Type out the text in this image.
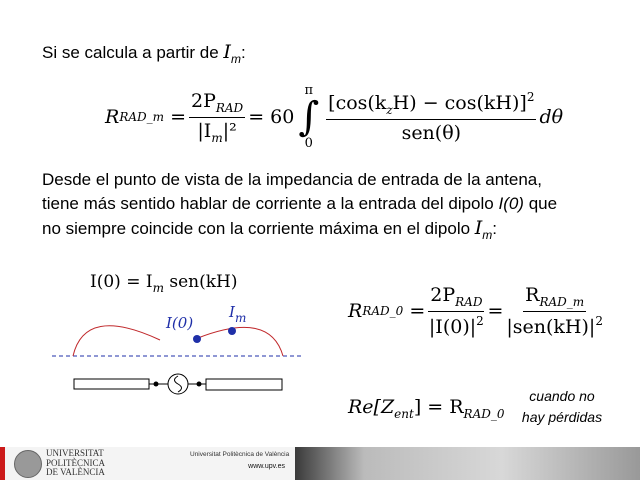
Si se calcula a partir de $I_m$:
R RAD_m
= $\frac{2P_{RAD}}{|I_m|^2} = 60$
π
∫
$0 \frac{[\cos(k_zH) - \cos(kH)]^2}{\text{sen(θ)}}$ dθ
Desde el punto de vista de la impedancia de entrada de la antena,
tiene más sentido hablar de corriente a la entrada del dipolo I(0) que
no siempre coincide con la corriente máxima en el dipolo $I_m$:
$I(0) = I_m$ sen(kH)
I(0)
$I_m$	R RAD_0 = $\frac{2P_{RAD}}{|I(0)|^2} = \frac{R_{RAD\_m}}{|sen(kH)|^2}$
$Re[Z_{ent}] = R_{RAD\_0}$
cuando no
hay pérdidas
UNIVERSITAT
POLITÈCNICA
DE VALÈNCIA
Universitat Politècnica de València
www.upv.es
